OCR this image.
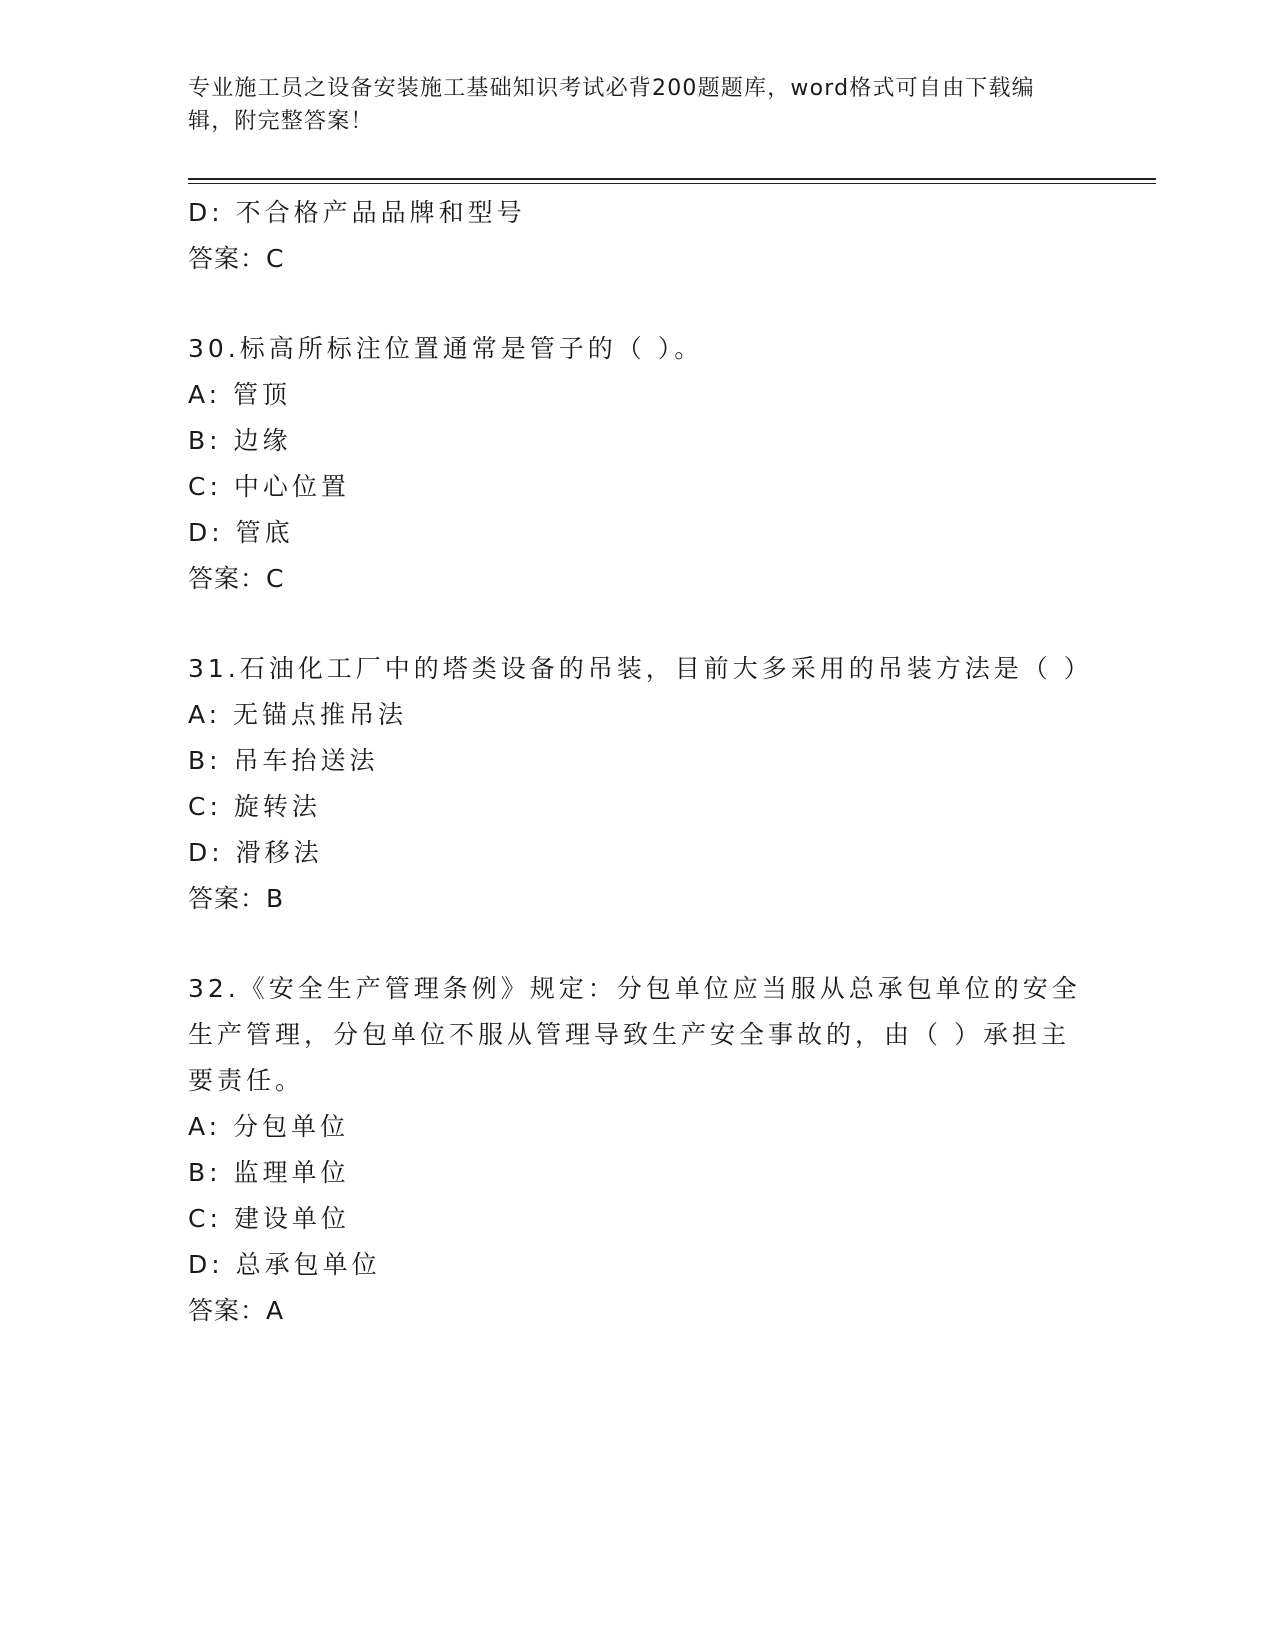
专业施工员之设备安装施工基础知识考试必背200题题库，word格式可自由下载编辑，附完整答案！
D: 不合格产品品牌和型号
答案：C
30.标高所标注位置通常是管子的（ ）。
A: 管顶
B: 边缘
C: 中心位置
D: 管底
答案：C
31.石油化工厂中的塔类设备的吊装，目前大多采用的吊装方法是（ ）
A: 无锚点推吊法
B: 吊车抬送法
C: 旋转法
D: 滑移法
答案：B
32.《安全生产管理条例》规定：分包单位应当服从总承包单位的安全生产管理，分包单位不服从管理导致生产安全事故的，由（ ）承担主要责任。
A: 分包单位
B: 监理单位
C: 建设单位
D: 总承包单位
答案：A
